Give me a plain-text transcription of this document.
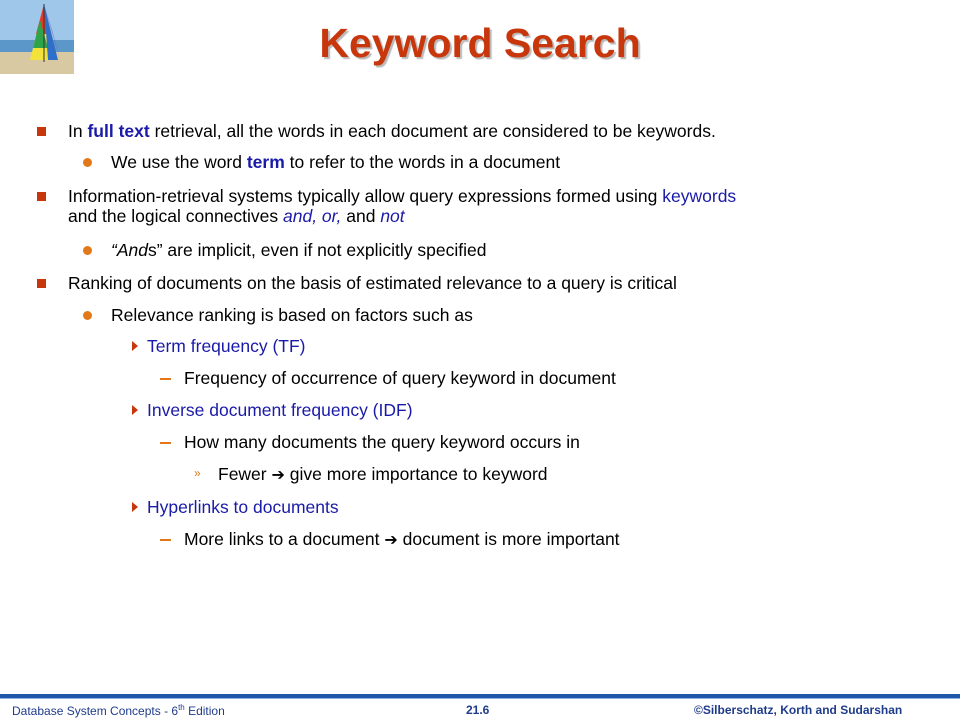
Keyword Search
In full text retrieval, all the words in each document are considered to be keywords.
We use the word term to refer to the words in a document
Information-retrieval systems typically allow query expressions formed using keywords
and the logical connectives and, or, and not
“Ands” are implicit, even if not explicitly specified
Ranking of documents on the basis of estimated relevance to a query is critical
Relevance ranking is based on factors such as
Term frequency (TF)
Frequency of occurrence of query keyword in document
Inverse document frequency (IDF)
How many documents the query keyword occurs in
» Fewer ➔ give more importance to keyword
Hyperlinks to documents
More links to a document ➔ document is more important
Database System Concepts - 6th Edition	21.6	©Silberschatz, Korth and Sudarshan
